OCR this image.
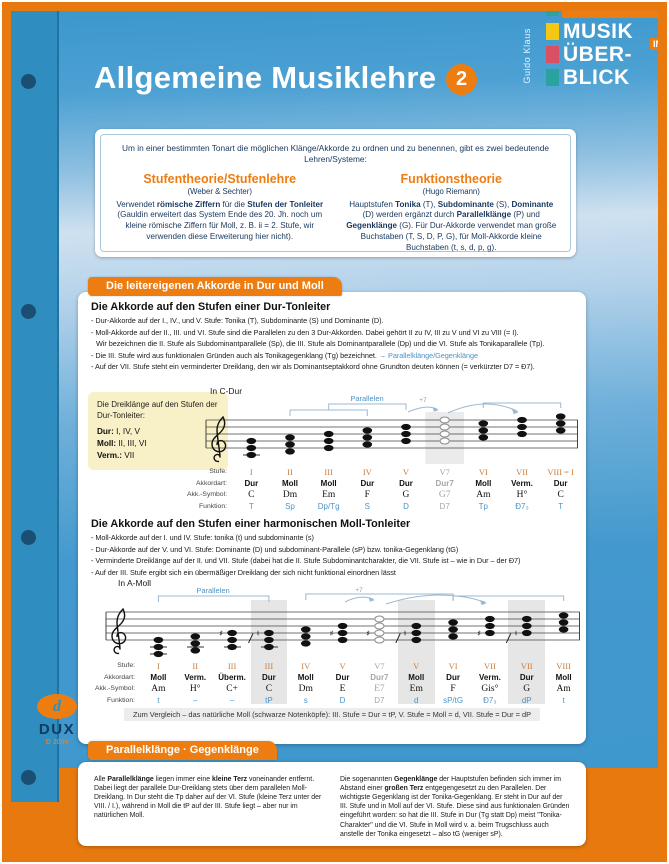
Allgemeine Musiklehre 2	Guido Klaus MUSIK
ÜBER-
BLICK
IM
Um in einer bestimmten Tonart die möglichen Klänge/Akkorde zu ordnen und zu benennen, gibt es zwei bedeutende Lehren/Systeme:
Stufentheorie/Stufenlehre
(Weber & Sechter)
Verwendet römische Ziffern für die Stufen der Tonleiter (Gauldin erweitert das System Ende des 20. Jh. noch um kleine römische Ziffern für Moll, z. B. ii = 2. Stufe, wir verwenden diese Erweiterung hier nicht).
Funktionstheorie
(Hugo Riemann)
Hauptstufen Tonika (T), Subdominante (S), Dominante (D) werden ergänzt durch Parallelklänge (P) und Gegenklänge (G). Für Dur-Akkorde verwendet man große Buchstaben (T, S, D, P, G), für Moll-Akkorde kleine Buchstaben (t, s, d, p, g).
Die leitereigenen Akkorde in Dur und Moll
Die Akkorde auf den Stufen einer Dur-Tonleiter
- Dur-Akkorde auf der I., IV., und V. Stufe: Tonika (T), Subdominante (S) und Dominante (D).
- Moll-Akkorde auf der II., III. und VI. Stufe sind die Parallelen zu den 3 Dur-Akkorden. Dabei gehört II zu IV, III zu V und VI zu VIII (= I).
Wir bezeichnen die II. Stufe als Subdominantparallele (Sp), die III. Stufe als Dominantparallele (Dp) und die VI. Stufe als Tonikaparallele (Tp).
- Die III. Stufe wird aus funktionalen Gründen auch als Tonikagegenklang (Tg) bezeichnet. → Parallelklänge/Gegenklänge
- Auf der VII. Stufe steht ein verminderter Dreiklang, den wir als Dominantseptakkord ohne Grundton deuten können (= verkürzter D7 = Đ7).
Die Dreiklänge auf den Stufen der Dur-Tonleiter:
Dur: I, IV, V
Moll: II, III, VI
Verm.: VII
In C-Dur
Parallelen	+7
Stufe:	I	II	III	IV	V	V7	VI	VII	VIII = I
Akkordart:	Dur	Moll	Moll	Dur	Dur	Dur7	Moll	Verm.	Dur
Akk.-Symbol:	C	Dm	Em	F	G	G7	Am	H°	C
Funktion:	T	Sp	Dp/Tg	S	D	D7	Tp	Đ7₃	T
Die Akkorde auf den Stufen einer harmonischen Moll-Tonleiter
- Moll-Akkorde auf der I. und IV. Stufe: tonika (t) und subdominante (s)
- Dur-Akkorde auf der V. und VI. Stufe: Dominante (D) und subdominant-Parallele (sP) bzw. tonika-Gegenklang (tG)
- Verminderte Dreiklänge auf der II. und VII. Stufe (dabei hat die II. Stufe Subdominantcharakter, die VII. Stufe ist – wie in Dur – der Đ7)
- Auf der III. Stufe ergibt sich ein übermäßiger Dreiklang der sich nicht funktional einordnen lässt
In A-Moll
Parallelen	+7
♯ / ♮	♯	♯ / ♮	♯ / ♮
Stufe:	I	II	III	III	IV	V	V7	V	VI	VII	VII	VIII
Akkordart:	Moll	Verm.	Überm.	Dur	Moll	Dur	Dur7	Moll	Dur	Verm.	Dur	Moll
Akk.-Symbol:	Am	H°	C+	C	Dm	E	E7	Em	F	Gis°	G	Am
Funktion:	t	–	–	tP	s	D	D7	d	sP/tG	Đ7₃	dP	t
Zum Vergleich – das natürliche Moll (schwarze Notenköpfe): III. Stufe = Dur = tP, V. Stufe = Moll = d, VII. Stufe = Dur = dP
Parallelklänge · Gegenklänge
Alle Parallelklänge liegen immer eine kleine Terz voneinander entfernt. Dabei liegt der parallele Dur-Dreiklang stets über dem parallelen Moll-Dreiklang. In Dur steht die Tp daher auf der VI. Stufe (kleine Terz unter der VIII. / I.), während in Moll die tP auf der III. Stufe liegt – aber nur im natürlichen Moll.
Die sogenannten Gegenklänge der Hauptstufen befinden sich immer im Abstand einer großen Terz entgegengesetzt zu den Parallelen. Der wichtigste Gegenklang ist der Tonika-Gegenklang. Er steht in Dur auf der III. Stufe und in Moll auf der VI. Stufe. Diese sind aus funktionalen Gründen eingeführt worden: so hat die III. Stufe in Dur (Tg statt Dp) meist "Tonika-Charakter" und die VI. Stufe in Moll wird v. a. beim Trugschluss auch anstelle der Tonika eingesetzt – also tG (weniger sP).
d
DUX
D 3094
